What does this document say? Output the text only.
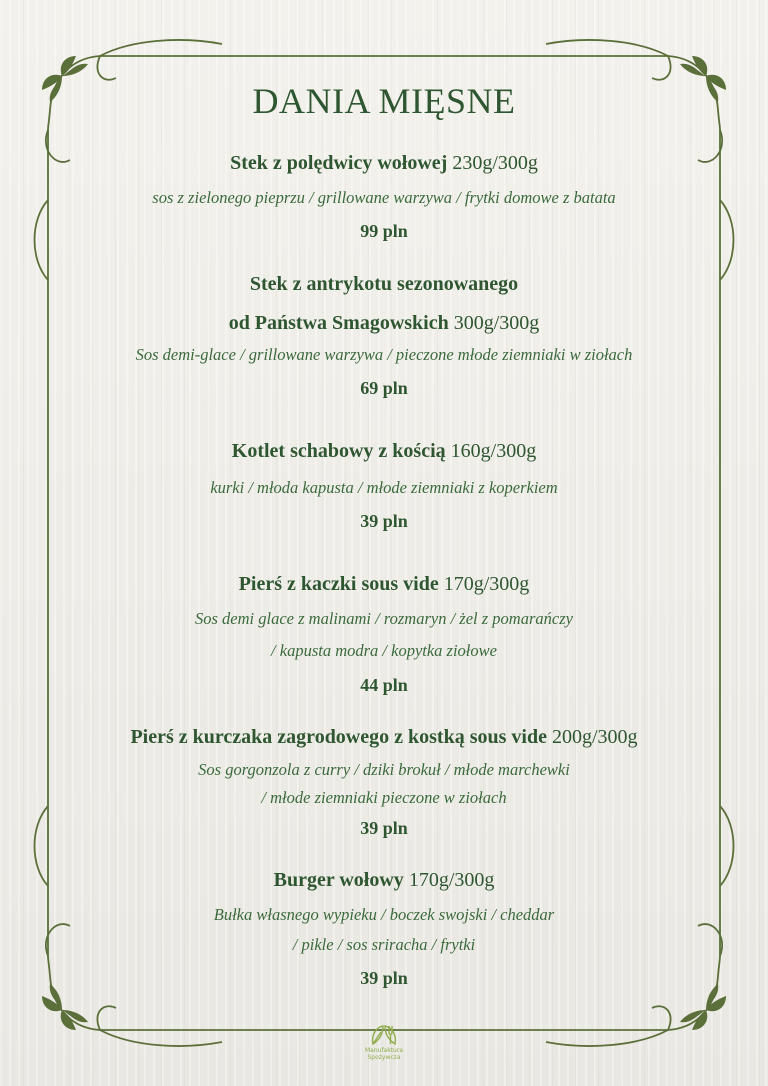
DANIA MIĘSNE
Stek z polędwicy wołowej 230g/300g
sos z zielonego pieprzu / grillowane warzywa / frytki domowe z batata
99 pln
Stek z antrykotu sezonowanego
od Państwa Smagowskich 300g/300g
Sos demi-glace / grillowane warzywa / pieczone młode ziemniaki w ziołach
69 pln
Kotlet schabowy z kością 160g/300g
kurki / młoda kapusta / młode ziemniaki z koperkiem
39 pln
Pierś z kaczki sous vide 170g/300g
Sos demi glace z malinami / rozmaryn / żel z pomarańczy
/ kapusta modra / kopytka ziołowe
44 pln
Pierś z kurczaka zagrodowego z kostką sous vide 200g/300g
Sos gorgonzola z curry / dziki brokuł / młode marchewki
/ młode ziemniaki pieczone w ziołach
39 pln
Burger wołowy 170g/300g
Bułka własnego wypieku / boczek swojski / cheddar
/ pikle / sos sriracha / frytki
39 pln
Manufaktura
Spożywcza
